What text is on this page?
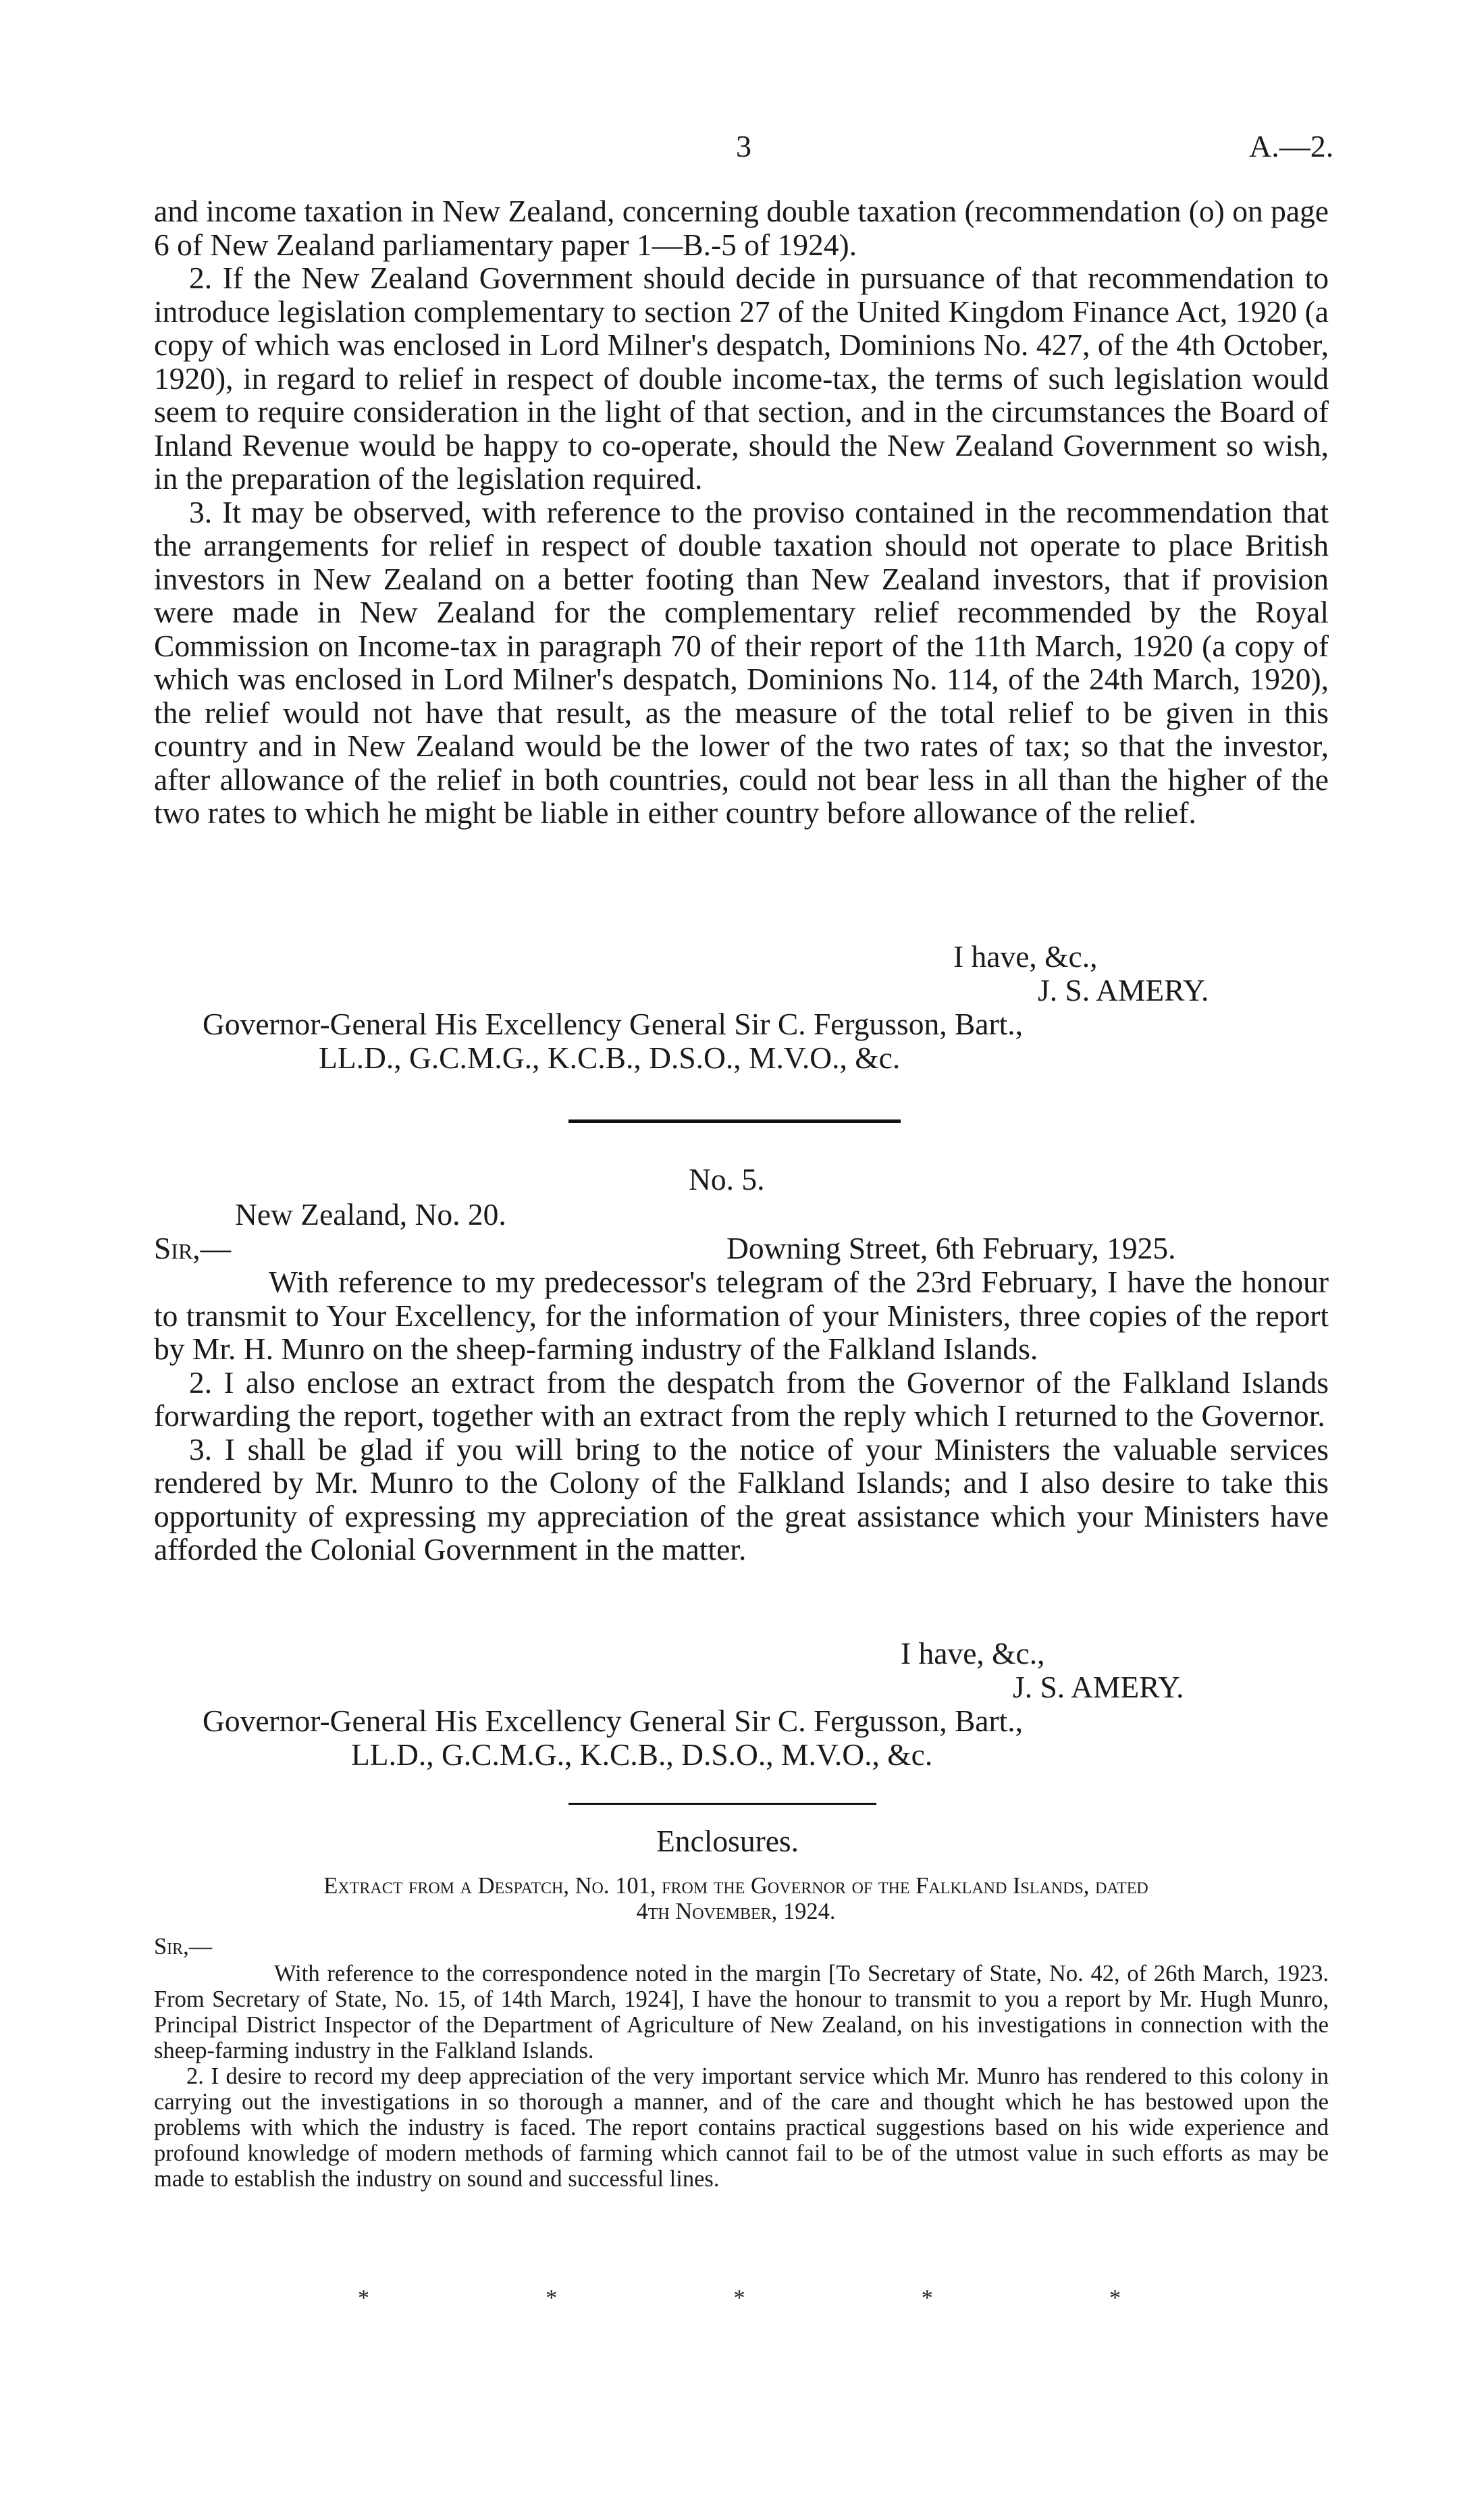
3	A.—2.

and income taxation in New Zealand, concerning double taxation (recommendation (o) on page 6 of New Zealand parliamentary paper 1—B.-5 of 1924).

2. If the New Zealand Government should decide in pursuance of that recommendation to introduce legislation complementary to section 27 of the United Kingdom Finance Act, 1920 (a copy of which was enclosed in Lord Milner's despatch, Dominions No. 427, of the 4th October, 1920), in regard to relief in respect of double income-tax, the terms of such legislation would seem to require consideration in the light of that section, and in the circumstances the Board of Inland Revenue would be happy to co-operate, should the New Zealand Government so wish, in the preparation of the legislation required.

3. It may be observed, with reference to the proviso contained in the recommendation that the arrangements for relief in respect of double taxation should not operate to place British investors in New Zealand on a better footing than New Zealand investors, that if provision were made in New Zealand for the complementary relief recommended by the Royal Commission on Income-tax in paragraph 70 of their report of the 11th March, 1920 (a copy of which was enclosed in Lord Milner's despatch, Dominions No. 114, of the 24th March, 1920), the relief would not have that result, as the measure of the total relief to be given in this country and in New Zealand would be the lower of the two rates of tax; so that the investor, after allowance of the relief in both countries, could not bear less in all than the higher of the two rates to which he might be liable in either country before allowance of the relief.

I have, &c.,
J. S. AMERY.
Governor-General His Excellency General Sir C. Fergusson, Bart.,
LL.D., G.C.M.G., K.C.B., D.S.O., M.V.O., &c.
No. 5.
New Zealand, No. 20.
Sir,—	Downing Street, 6th February, 1925.

With reference to my predecessor's telegram of the 23rd February, I have the honour to transmit to Your Excellency, for the information of your Ministers, three copies of the report by Mr. H. Munro on the sheep-farming industry of the Falkland Islands.

2. I also enclose an extract from the despatch from the Governor of the Falkland Islands forwarding the report, together with an extract from the reply which I returned to the Governor.

3. I shall be glad if you will bring to the notice of your Ministers the valuable services rendered by Mr. Munro to the Colony of the Falkland Islands; and I also desire to take this opportunity of expressing my appreciation of the great assistance which your Ministers have afforded the Colonial Government in the matter.

I have, &c.,
J. S. AMERY.
Governor-General His Excellency General Sir C. Fergusson, Bart.,
LL.D., G.C.M.G., K.C.B., D.S.O., M.V.O., &c.
Enclosures.
Extract from a Despatch, No. 101, from the Governor of the Falkland Islands, dated
4th November, 1924.
Sir,—

With reference to the correspondence noted in the margin [To Secretary of State, No. 42, of 26th March, 1923. From Secretary of State, No. 15, of 14th March, 1924], I have the honour to transmit to you a report by Mr. Hugh Munro, Principal District Inspector of the Department of Agriculture of New Zealand, on his investigations in connection with the sheep-farming industry in the Falkland Islands.

2. I desire to record my deep appreciation of the very important service which Mr. Munro has rendered to this colony in carrying out the investigations in so thorough a manner, and of the care and thought which he has bestowed upon the problems with which the industry is faced. The report contains practical suggestions based on his wide experience and profound knowledge of modern methods of farming which cannot fail to be of the utmost value in such efforts as may be made to establish the industry on sound and successful lines.

*	*	*	*	*
